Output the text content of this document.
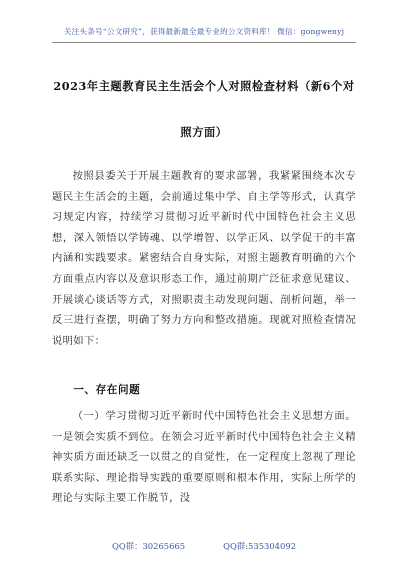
关注头条号“公文研究”，获得最新最全最专业的公文资料库！ 微信：gongwenyj
2023年主题教育民主生活会个人对照检查材料（新6个对
照方面）

按照县委关于开展主题教育的要求部署，我紧紧围绕本次专题民主生活会的主题，会前通过集中学、自主学等形式，认真学习规定内容，持续学习贯彻习近平新时代中国特色社会主义思想，深入领悟以学铸魂、以学增智、以学正风、以学促干的丰富内涵和实践要求。紧密结合自身实际，对照主题教育明确的六个方面重点内容以及意识形态工作，通过前期广泛征求意见建议、开展谈心谈话等方式，对照职责主动发现问题、剖析问题，举一反三进行查摆，明确了努力方向和整改措施。现就对照检查情况说明如下：

一、存在问题

（一）学习贯彻习近平新时代中国特色社会主义思想方面。一是领会实质不到位。在领会习近平新时代中国特色社会主义精神实质方面还缺乏一以贯之的自觉性，在一定程度上忽视了理论联系实际、理论指导实践的重要原则和根本作用，实际上所学的理论与实际主要工作脱节，没

QQ群：30265665	QQ群:535304092
